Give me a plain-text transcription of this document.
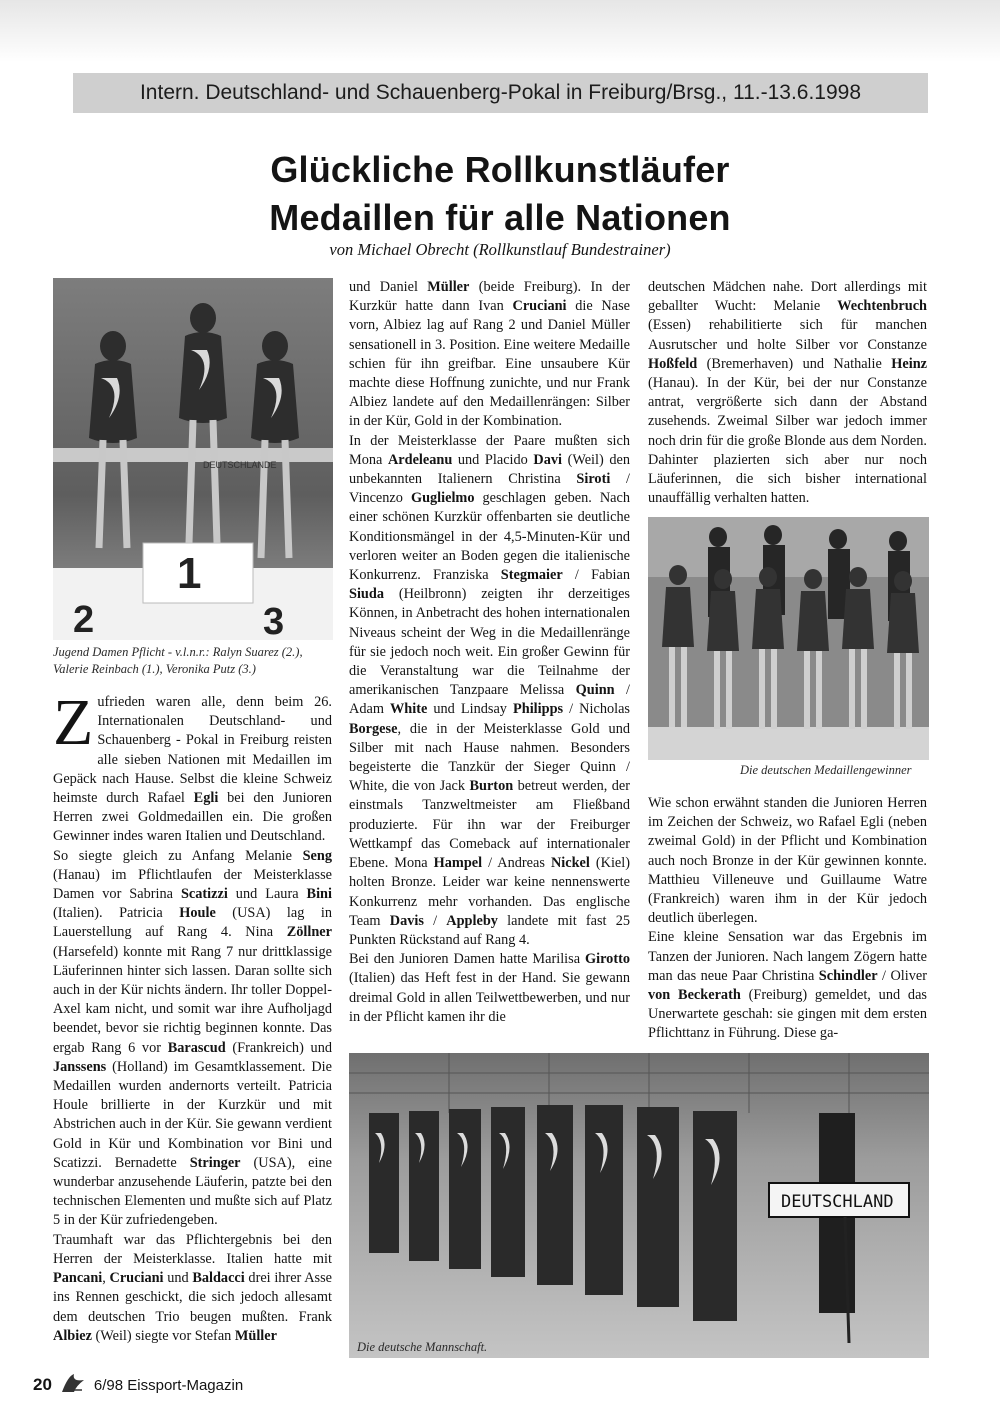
Intern. Deutschland- und Schauenberg-Pokal in Freiburg/Brsg., 11.-13.6.1998
Glückliche Rollkunstläufer
Medaillen für alle Nationen
von Michael Obrecht (Rollkunstlauf Bundestrainer)
DEUTSCHLANDE
1
2	3
Jugend Damen Pflicht - v.l.n.r.: Ralyn Suarez (2.),
Valerie Reinbach (1.), Veronika Putz (3.)
Die deutschen Medaillengewinner
DEUTSCHLAND
Die deutsche Mannschaft.

Zufrieden waren alle, denn beim 26. Internationalen Deutschland- und Schauenberg - Pokal in Freiburg reisten alle sieben Nationen mit Medaillen im Gepäck nach Hause. Selbst die kleine Schweiz heimste durch Rafael Egli bei den Junioren Herren zwei Goldmedaillen ein. Die großen Gewinner indes waren Italien und Deutschland.

So siegte gleich zu Anfang Melanie Seng (Hanau) im Pflichtlaufen der Meisterklasse Damen vor Sabrina Scatizzi und Laura Bini (Italien). Patricia Houle (USA) lag in Lauerstellung auf Rang 4. Nina Zöllner (Harsefeld) konnte mit Rang 7 nur drittklassige Läuferinnen hinter sich lassen. Daran sollte sich auch in der Kür nichts ändern. Ihr toller Doppel-Axel kam nicht, und somit war ihre Aufholjagd beendet, bevor sie richtig beginnen konnte. Das ergab Rang 6 vor Barascud (Frankreich) und Janssens (Holland) im Gesamtklassement. Die Medaillen wurden andernorts verteilt. Patricia Houle brillierte in der Kurzkür und mit Abstrichen auch in der Kür. Sie gewann verdient Gold in Kür und Kombination vor Bini und Scatizzi. Bernadette Stringer (USA), eine wunderbar anzusehende Läuferin, patzte bei den technischen Elementen und mußte sich auf Platz 5 in der Kür zufriedengeben.

Traumhaft war das Pflichtergebnis bei den Herren der Meisterklasse. Italien hatte mit Pancani, Cruciani und Baldacci drei ihrer Asse ins Rennen geschickt, die sich jedoch allesamt dem deutschen Trio beugen mußten. Frank Albiez (Weil) siegte vor Stefan Müller

und Daniel Müller (beide Freiburg). In der Kurzkür hatte dann Ivan Cruciani die Nase vorn, Albiez lag auf Rang 2 und Daniel Müller sensationell in 3. Position. Eine weitere Medaille schien für ihn greifbar. Eine unsaubere Kür machte diese Hoffnung zunichte, und nur Frank Albiez landete auf den Medaillenrängen: Silber in der Kür, Gold in der Kombination.

In der Meisterklasse der Paare mußten sich Mona Ardeleanu und Placido Davi (Weil) den unbekannten Italienern Christina Siroti / Vincenzo Guglielmo geschlagen geben. Nach einer schönen Kurzkür offenbarten sie deutliche Konditionsmängel in der 4,5-Minuten-Kür und verloren weiter an Boden gegen die italienische Konkurrenz. Franziska Stegmaier / Fabian Siuda (Heilbronn) zeigten ihr derzeitiges Können, in Anbetracht des hohen internationalen Niveaus scheint der Weg in die Medaillenränge für sie jedoch noch weit. Ein großer Gewinn für die Veranstaltung war die Teilnahme der amerikanischen Tanzpaare Melissa Quinn / Adam White und Lindsay Philipps / Nicholas Borgese, die in der Meisterklasse Gold und Silber mit nach Hause nahmen. Besonders begeisterte die Tanzkür der Sieger Quinn / White, die von Jack Burton betreut werden, der einstmals Tanzweltmeister am Fließband produzierte. Für ihn war der Freiburger Wettkampf das Comeback auf internationaler Ebene. Mona Hampel / Andreas Nickel (Kiel) holten Bronze. Leider war keine nennenswerte Konkurrenz mehr vorhanden. Das englische Team Davis / Appleby landete mit fast 25 Punkten Rückstand auf Rang 4.

Bei den Junioren Damen hatte Marilisa Girotto (Italien) das Heft fest in der Hand. Sie gewann dreimal Gold in allen Teilwettbewerben, und nur in der Pflicht kamen ihr die

deutschen Mädchen nahe. Dort allerdings mit geballter Wucht: Melanie Wechtenbruch (Essen) rehabilitierte sich für manchen Ausrutscher und holte Silber vor Constanze Hoßfeld (Bremerhaven) und Nathalie Heinz (Hanau). In der Kür, bei der nur Constanze antrat, vergrößerte sich dann der Abstand zusehends. Zweimal Silber war jedoch immer noch drin für die große Blonde aus dem Norden. Dahinter plazierten sich aber nur noch Läuferinnen, die sich bisher international unauffällig verhalten hatten.

Wie schon erwähnt standen die Junioren Herren im Zeichen der Schweiz, wo Rafael Egli (neben zweimal Gold) in der Pflicht und Kombination auch noch Bronze in der Kür gewinnen konnte. Matthieu Villeneuve und Guillaume Watre (Frankreich) waren ihm in der Kür jedoch deutlich überlegen.

Eine kleine Sensation war das Ergebnis im Tanzen der Junioren. Nach langem Zögern hatte man das neue Paar Christina Schindler / Oliver von Beckerath (Freiburg) gemeldet, und das Unerwartete geschah: sie gingen mit dem ersten Pflichttanz in Führung. Diese ga-

20	6/98 Eissport-Magazin
